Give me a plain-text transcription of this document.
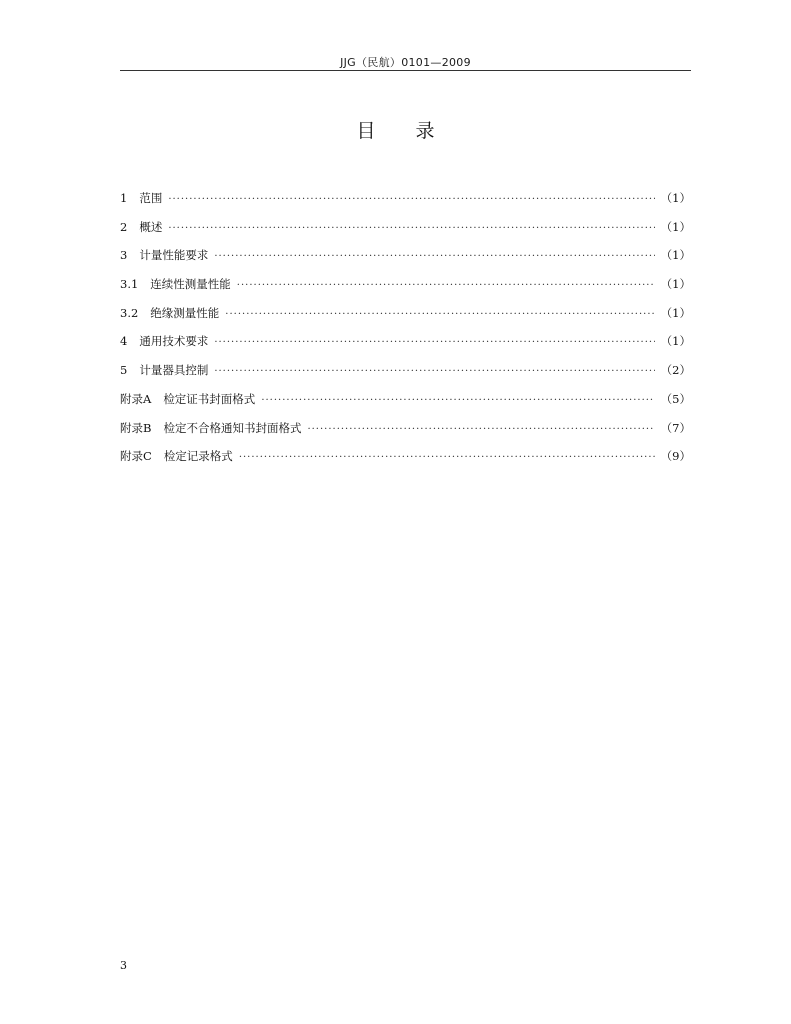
JJG（民航）0101—2009
目录
1 范围 ·····	（1）
2 概述 ·····	（1）
3 计量性能要求 ·····	（1）
3.1 连续性测量性能 ·····	（1）
3.2 绝缘测量性能 ·····	（1）
4 通用技术要求 ·····	（1）
5 计量器具控制 ·····	（2）
附录A 检定证书封面格式 ·····	（5）
附录B 检定不合格通知书封面格式 ·····	（7）
附录C 检定记录格式 ·····	（9）
3
